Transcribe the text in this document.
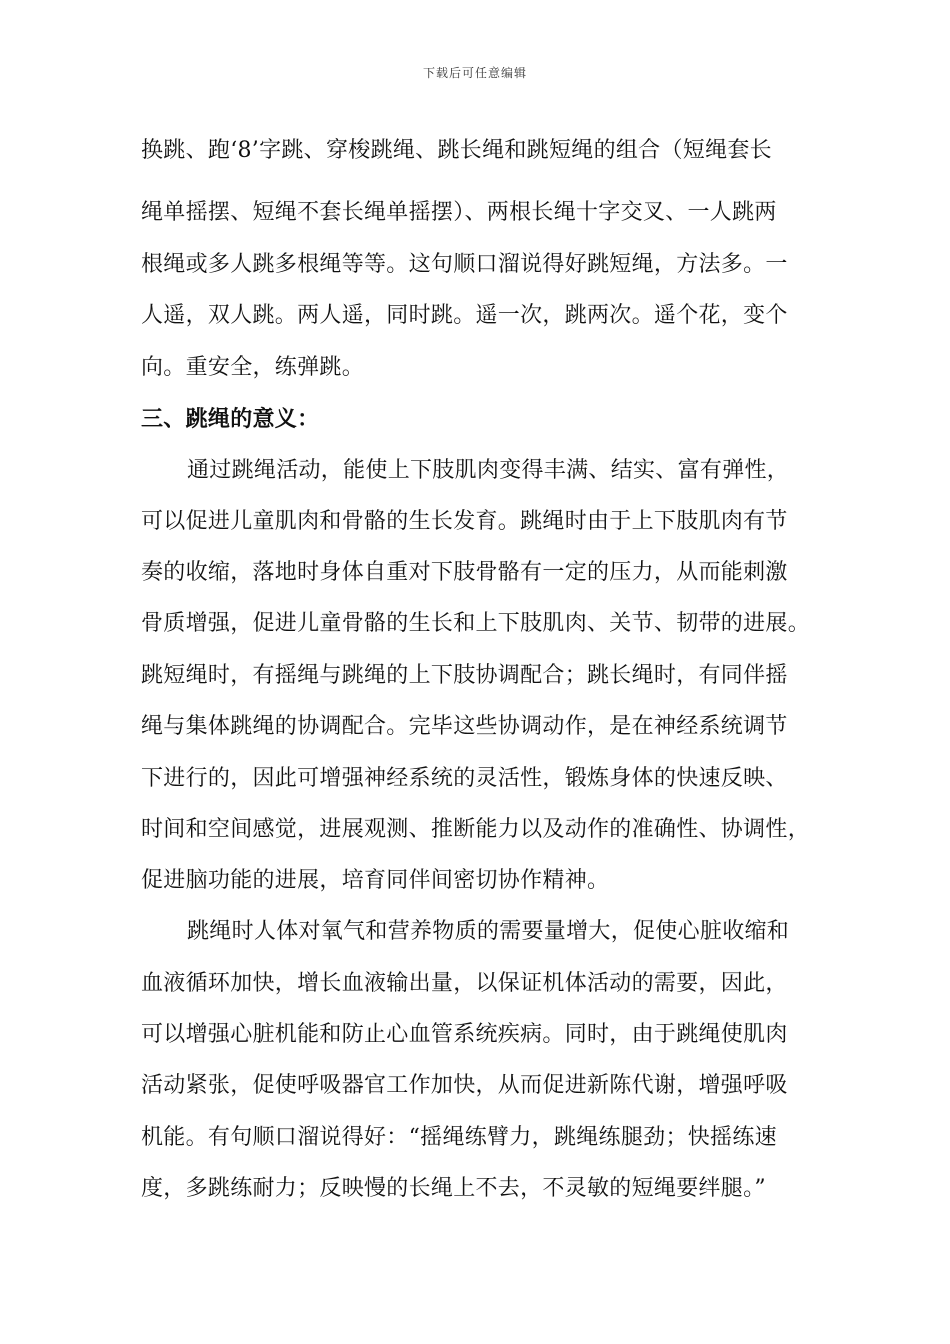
下载后可任意编辑
换跳、跑‘8’字跳、穿梭跳绳、跳长绳和跳短绳的组合（短绳套长
绳单摇摆、短绳不套长绳单摇摆）、两根长绳十字交叉、一人跳两
根绳或多人跳多根绳等等。这句顺口溜说得好跳短绳，方法多。一
人遥，双人跳。两人遥，同时跳。遥一次，跳两次。遥个花，变个
向。重安全，练弹跳。
三、跳绳的意义：
通过跳绳活动，能使上下肢肌肉变得丰满、结实、富有弹性，
可以促进儿童肌肉和骨骼的生长发育。跳绳时由于上下肢肌肉有节
奏的收缩，落地时身体自重对下肢骨骼有一定的压力，从而能刺激
骨质增强，促进儿童骨骼的生长和上下肢肌肉、关节、韧带的进展。
跳短绳时，有摇绳与跳绳的上下肢协调配合；跳长绳时，有同伴摇
绳与集体跳绳的协调配合。完毕这些协调动作，是在神经系统调节
下进行的，因此可增强神经系统的灵活性，锻炼身体的快速反映、
时间和空间感觉，进展观测、推断能力以及动作的准确性、协调性，
促进脑功能的进展，培育同伴间密切协作精神。
跳绳时人体对氧气和营养物质的需要量增大，促使心脏收缩和
血液循环加快，增长血液输出量，以保证机体活动的需要，因此，
可以增强心脏机能和防止心血管系统疾病。同时，由于跳绳使肌肉
活动紧张，促使呼吸器官工作加快，从而促进新陈代谢，增强呼吸
机能。有句顺口溜说得好：“摇绳练臂力，跳绳练腿劲；快摇练速
度，多跳练耐力；反映慢的长绳上不去，不灵敏的短绳要绊腿。”
